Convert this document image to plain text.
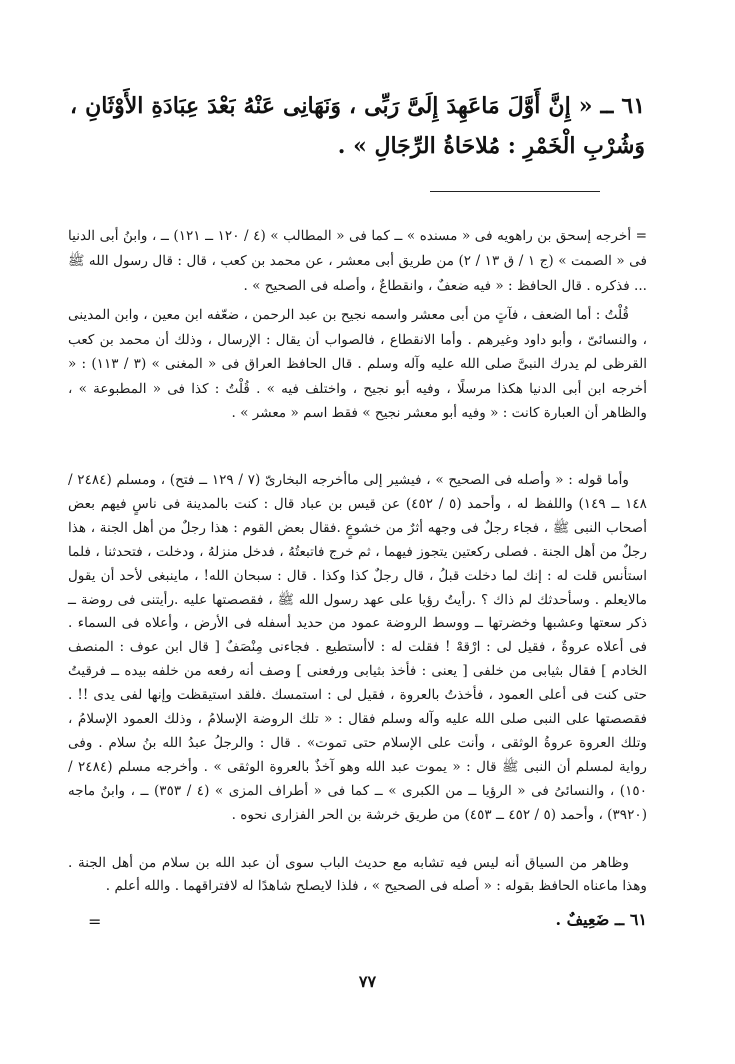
٦١ ــ « إِنَّ أَوَّلَ مَاعَهِدَ إِلَىَّ رَبِّى ، وَنَهَانِى عَنْهُ بَعْدَ عِبَادَةِ الأَوْثَانِ ، وَشُرْبِ الْخَمْرِ : مُلاحَاةُ الرِّجَالِ » .
= أخرجه إسحق بن راهويه فى « مسنده » ــ كما فى « المطالب » (٤ / ١٢٠ ــ ١٢١) ــ ، وابنُ أبى الدنيا فى « الصمت » (ج ١ / ق ١٣ / ٢) من طريق أبى معشر ، عن محمد بن كعب ، قال : قال رسول الله ﷺ ... فذكره . قال الحافظ : « فيه ضعفٌ ، وانقطاعٌ ، وأصله فى الصحيح » .
قُلْتُ : أما الضعف ، فآتٍ من أبى معشر واسمه نجيح بن عبد الرحمن ، ضعّفه ابن معين ، وابن المدينى ، والنسائىّ ، وأبو داود وغيرهم . وأما الانقطاع ، فالصواب أن يقال : الإرسال ، وذلك أن محمد بن كعب القرظى لم يدرك النبىَّ صلى الله عليه وآله وسلم . قال الحافظ العراق فى « المغنى » (٣ / ١١٣) : « أخرجه ابن أبى الدنيا هكذا مرسلًا ، وفيه أبو نجيح ، واختلف فيه » . قُلْتُ : كذا فى « المطبوعة » ، والظاهر أن العبارة كانت : « وفيه أبو معشر نجيح » فقط اسم « معشر » .
وأما قوله : « وأصله فى الصحيح » ، فيشير إلى ماأخرجه البخارىّ (٧ / ١٢٩ ــ فتح) ، ومسلم (٢٤٨٤ / ١٤٨ ــ ١٤٩) واللفظ له ، وأحمد (٥ / ٤٥٢) عن قيس بن عباد قال : كنت بالمدينة فى ناسٍ فيهم بعض أصحاب النبى ﷺ ، فجاء رجلٌ فى وجهه أثرٌ من خشوعٍ .فقال بعض القوم : هذا رجلٌ من أهل الجنة ، هذا رجلٌ من أهل الجنة . فصلى ركعتين يتجوز فيهما ، ثم خرج فاتبعتُهُ ، فدخل منزلهُ ، ودخلت ، فتحدثنا ، فلما استأنس قلت له : إنك لما دخلت قبلُ ، قال رجلٌ كذا وكذا . قال : سبحان الله! ، ماينبغى لأحد أن يقول مالايعلم . وسأحدثك لم ذاك ؟ .رأيتُ رؤيا على عهد رسول الله ﷺ ، فقصصتها عليه .رأيتنى فى روضة ــ ذكر سعتها وعشبها وخضرتها ــ ووسط الروضة عمود من حديد أسفله فى الأرض ، وأعلاه فى السماء . فى أعلاه عروةٌ ، فقيل لى : ارْقهْ ! فقلت له : لاأستطيع . فجاءنى مِنْصَفٌ [ قال ابن عوف : المنصف الخادم ] فقال بثيابى من خلفى [ يعنى : فأخذ بثيابى ورفعنى ] وصف أنه رفعه من خلفه بيده ــ فرقيتُ حتى كنت فى أعلى العمود ، فأخذتُ بالعروة ، فقيل لى : استمسك .فلقد استيقظت وإنها لفى يدى !! . فقصصتها على النبى صلى الله عليه وآله وسلم فقال : « تلك الروضة الإسلامُ ، وذلك العمود الإسلامُ ، وتلك العروة عروةُ الوثقى ، وأنت على الإسلام حتى تموت» . قال : والرجلُ عبدُ الله بنُ سلام . وفى رواية لمسلم أن النبى ﷺ قال : « يموت عبد الله وهو آخذٌ بالعروة الوثقى » . وأخرجه مسلم (٢٤٨٤ / ١٥٠) ، والنسائىُ فى « الرؤيا ــ من الكبرى » ــ كما فى « أطراف المزى » (٤ / ٣٥٣) ــ ، وابنُ ماجه (٣٩٢٠) ، وأحمد (٥ / ٤٥٢ ــ ٤٥٣) من طريق خرشة بن الحر الفزارى نحوه .
وظاهر من السياق أنه ليس فيه تشابه مع حديث الباب سوى أن عبد الله بن سلام من أهل الجنة . وهذا ماعناه الحافظ بقوله : « أصله فى الصحيح » ، فلذا لايصلح شاهدًا له لافتراقهما . والله أعلم .
٦١ ــ ضَعِيفٌ .
=
٧٧
